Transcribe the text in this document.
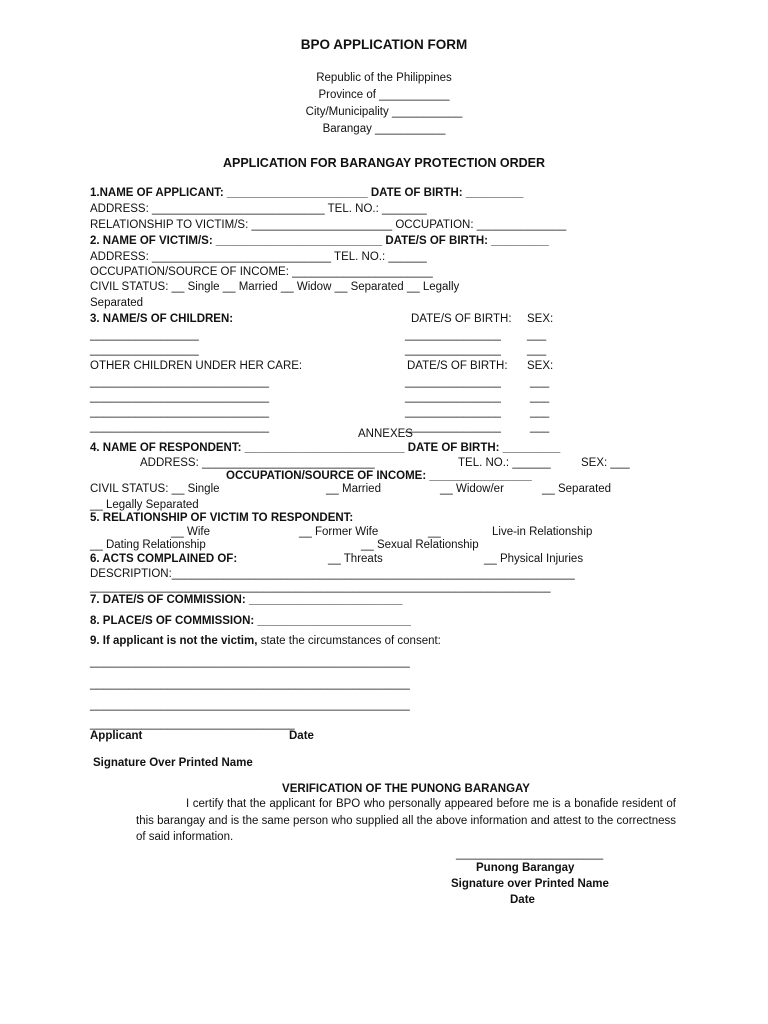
BPO APPLICATION FORM
Republic of the Philippines
Province of ___________
City/Municipality ___________
Barangay ___________
APPLICATION FOR BARANGAY PROTECTION ORDER
1.NAME OF APPLICANT: ______________________ DATE OF BIRTH: _________
ADDRESS: ___________________________ TEL. NO.: _______
RELATIONSHIP TO VICTIM/S: ______________________ OCCUPATION: ______________
2. NAME OF VICTIM/S: __________________________ DATE/S OF BIRTH: _________
ADDRESS: ____________________________ TEL. NO.: ______
OCCUPATION/SOURCE OF INCOME: ______________________
CIVIL STATUS: __ Single __ Married __ Widow __ Separated __ Legally
Separated
3. NAME/S OF CHILDREN:	DATE/S OF BIRTH: SEX:
_________________	_______________ ___
_________________	_______________ ___
OTHER CHILDREN UNDER HER CARE:	DATE/S OF BIRTH: SEX:
____________________________	_______________	___
____________________________	_______________	___
____________________________	_______________	___
____________________________	_______________	___
ANNEXES
4. NAME OF RESPONDENT: _________________________ DATE OF BIRTH: _________
ADDRESS: ___________________________	TEL. NO.: ______	SEX: ___
OCCUPATION/SOURCE OF INCOME: ________________
CIVIL STATUS: __ Single	__ Married	__ Widow/er	__ Separated
__ Legally Separated
5. RELATIONSHIP OF VICTIM TO RESPONDENT:
__ Wife	__ Former Wife	__	Live-in Relationship
__ Dating Relationship	__ Sexual Relationship
6. ACTS COMPLAINED OF:	__ Threats	__ Physical Injuries
DESCRIPTION:_______________________________________________________________
________________________________________________________________________
7. DATE/S OF COMMISSION: ________________________
8. PLACE/S OF COMMISSION: ________________________
9. If applicant is not the victim, state the circumstances of consent:
__________________________________________________
__________________________________________________
__________________________________________________
________________________________
Applicant	Date
Signature Over Printed Name
VERIFICATION OF THE PUNONG BARANGAY
I certify that the applicant for BPO who personally appeared before me is a bonafide resident of this barangay and is the same person who supplied all the above information and attest to the correctness of said information.
_______________________
Punong Barangay
Signature over Printed Name
Date
